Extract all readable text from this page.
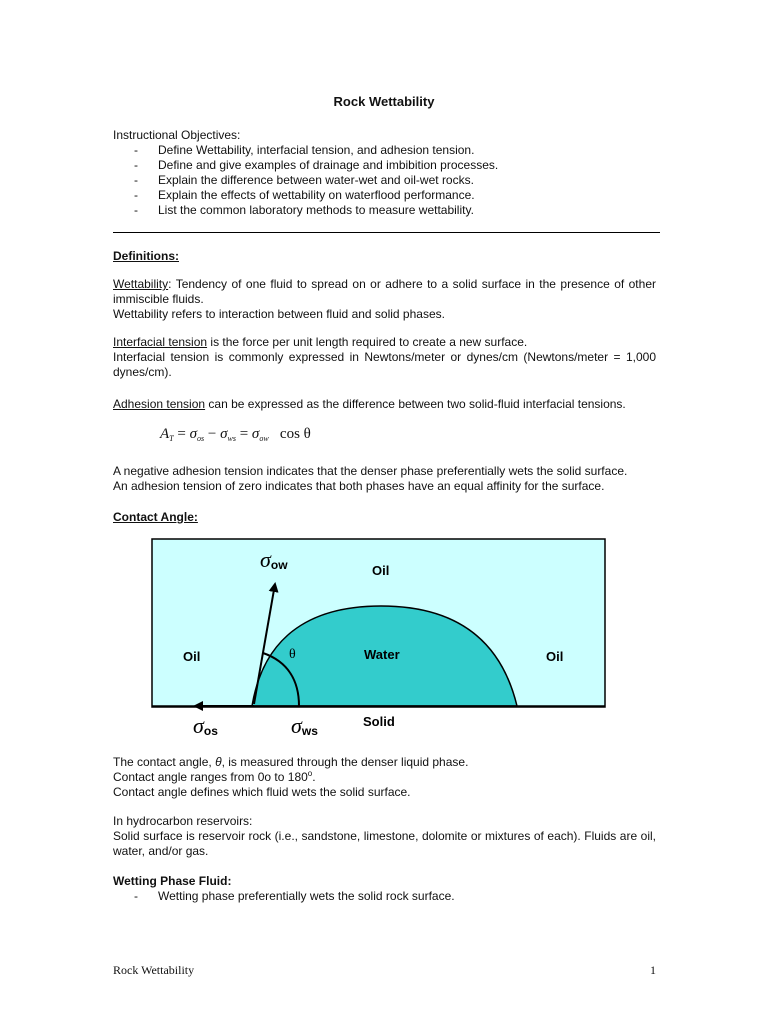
Rock Wettability
Instructional Objectives:
- Define Wettability, interfacial tension, and adhesion tension.
- Define and give examples of drainage and imbibition processes.
- Explain the difference between water-wet and oil-wet rocks.
- Explain the effects of wettability on waterflood performance.
- List the common laboratory methods to measure wettability.
Definitions:
Wettability: Tendency of one fluid to spread on or adhere to a solid surface in the presence of other immiscible fluids.
Wettability refers to interaction between fluid and solid phases.
Interfacial tension is the force per unit length required to create a new surface.
Interfacial tension is commonly expressed in Newtons/meter or dynes/cm (Newtons/meter = 1,000 dynes/cm).
Adhesion tension can be expressed as the difference between two solid-fluid interfacial tensions.
$A_T = \sigma_{os} - \sigma_{ws} = \sigma_{ow}$ cos θ
A negative adhesion tension indicates that the denser phase preferentially wets the solid surface.
An adhesion tension of zero indicates that both phases have an equal affinity for the surface.
Contact Angle:
σow	Oil
Oil	Water	Oil
θ
σos	σws
Solid
The contact angle, θ, is measured through the denser liquid phase.
Contact angle ranges from 0o to 180$^o$.
Contact angle defines which fluid wets the solid surface.
In hydrocarbon reservoirs:
Solid surface is reservoir rock (i.e., sandstone, limestone, dolomite or mixtures of each). Fluids are oil, water, and/or gas.
Wetting Phase Fluid:
- Wetting phase preferentially wets the solid rock surface.
Rock Wettability	1
